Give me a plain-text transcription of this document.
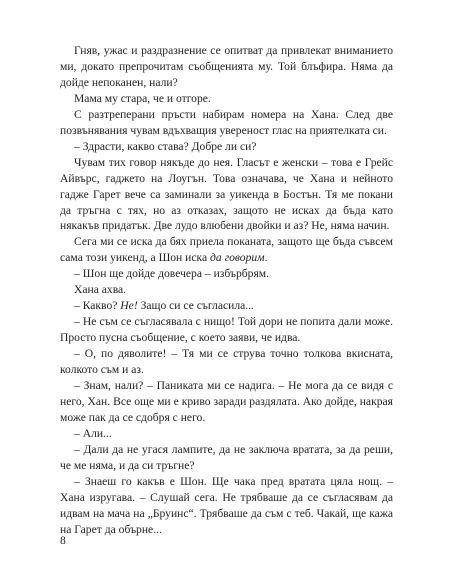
Гняв, ужас и раздразнение се опитват да привлекат вниманието ми, докато препрочитам съобщенията му. Той блъфира. Няма да дойде непоканен, нали?

Мама му стара, че и отгоре.

С разтреперани пръсти набирам номера на Хана. След две позвънявания чувам вдъхващия увереност глас на приятелката си.

– Здрасти, какво става? Добре ли си?

Чувам тих говор някъде до нея. Гласът е женски – това е Грейс Айвърс, гаджето на Лоугън. Това означава, че Хана и нейното гадже Гарет вече са заминали за уикенда в Бостън. Тя ме покани да тръгна с тях, но аз отказах, защото не исках да бъда като някакъв придатък. Две лудо влюбени двойки и аз? Не, няма начин.

Сега ми се иска да бях приела поканата, защото ще бъда съвсем сама този уикенд, а Шон иска да говорим.

– Шон ще дойде довечера – избърбрям.

Хана ахва.

– Какво? Не! Защо си се съгласила...

– Не съм се съгласявала с нищо! Той дори не попита дали може. Просто пусна съобщение, с което заяви, че идва.

– О, по дяволите! – Тя ми се струва точно толкова вкисната, колкото съм и аз.

– Знам, нали? – Паниката ми се надига. – Не мога да се видя с него, Хан. Все още ми е криво заради раздялата. Ако дойде, накрая може пак да се сдобря с него.

– Али...

– Дали да не угася лампите, да не заключа вратата, за да реши, че ме няма, и да си тръгне?

– Знаеш го какъв е Шон. Ще чака пред вратата цяла нощ. – Хана изругава. – Слушай сега. Не трябваше да се съгласявам да идвам на мача на „Бруинс“. Трябваше да съм с теб. Чакай, ще кажа на Гарет да обърне...

8
